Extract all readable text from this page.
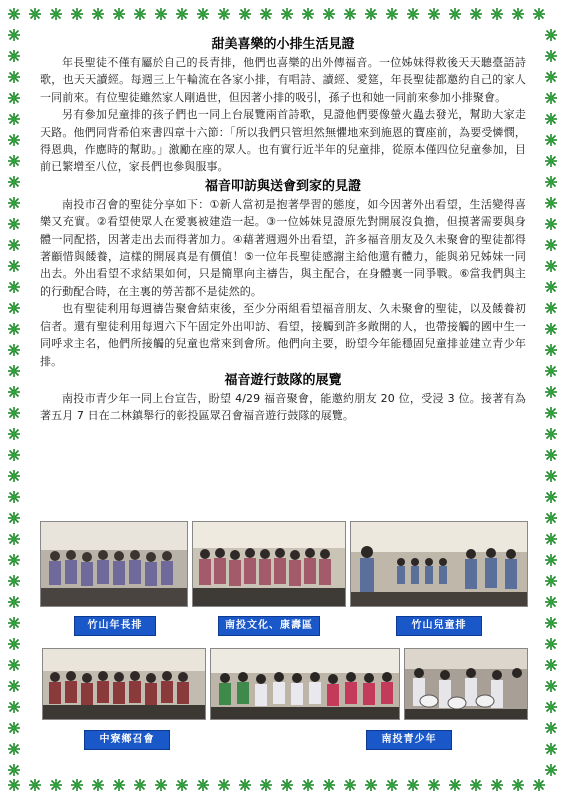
甜美喜樂的小排生活見證

年長聖徒不僅有屬於自己的長青排，他們也喜樂的出外傳福音。一位姊妹得救後天天聽臺語詩歌，也天天讀經。每週三上午輪流在各家小排，有唱詩、讀經、愛筵，年長聖徒都邀約自己的家人一同前來。有位聖徒雖然家人剛過世，但因著小排的吸引，孫子也和她一同前來參加小排聚會。

另有參加兒童排的孩子們也一同上台展覽兩首詩歌，見證他們要像螢火蟲去發光，幫助大家走天路。他們同背希伯來書四章十六節：「所以我們只管坦然無懼地來到施恩的寶座前，為要受憐憫，得恩典，作應時的幫助。」激勵在座的眾人。也有實行近半年的兒童排，從原本僅四位兒童參加，目前已繁增至八位，家長們也參與服事。

福音叩訪與送會到家的見證

南投市召會的聖徒分享如下：①新人當初是抱著學習的態度，如今因著外出看望，生活變得喜樂又充實。②看望使眾人在愛裏被建造一起。③一位姊妹見證原先對開展沒負擔，但摸著需要與身體一同配搭，因著走出去而得著加力。④藉著週週外出看望，許多福音朋友及久未聚會的聖徒都得著顧惜與餧養，這樣的開展真是有價值！⑤一位年長聖徒感謝主給他還有體力，能與弟兄姊妹一同出去。外出看望不求結果如何，只是簡單向主禱告，與主配合，在身體裏一同爭戰。⑥當我們與主的行動配合時，在主裏的勞苦都不是徒然的。

也有聖徒利用每週禱告聚會結束後，至少分兩組看望福音朋友、久未聚會的聖徒，以及餧養初信者。還有聖徒利用每週六下午固定外出叩訪、看望，接觸到許多敞開的人，也帶接觸的國中生一同呼求主名，他們所接觸的兒童也常來到會所。他們向主要，盼望今年能穩固兒童排並建立青少年排。

福音遊行鼓隊的展覽

南投市青少年一同上台宣告，盼望 4/29 福音聚會，能邀約朋友 20 位，受浸 3 位。接著有為著五月 7 日在二林鎮舉行的彰投區眾召會福音遊行鼓隊的展覽。

竹山年長排	南投文化、康壽區	竹山兒童排
中寮鄉召會	南投青少年
